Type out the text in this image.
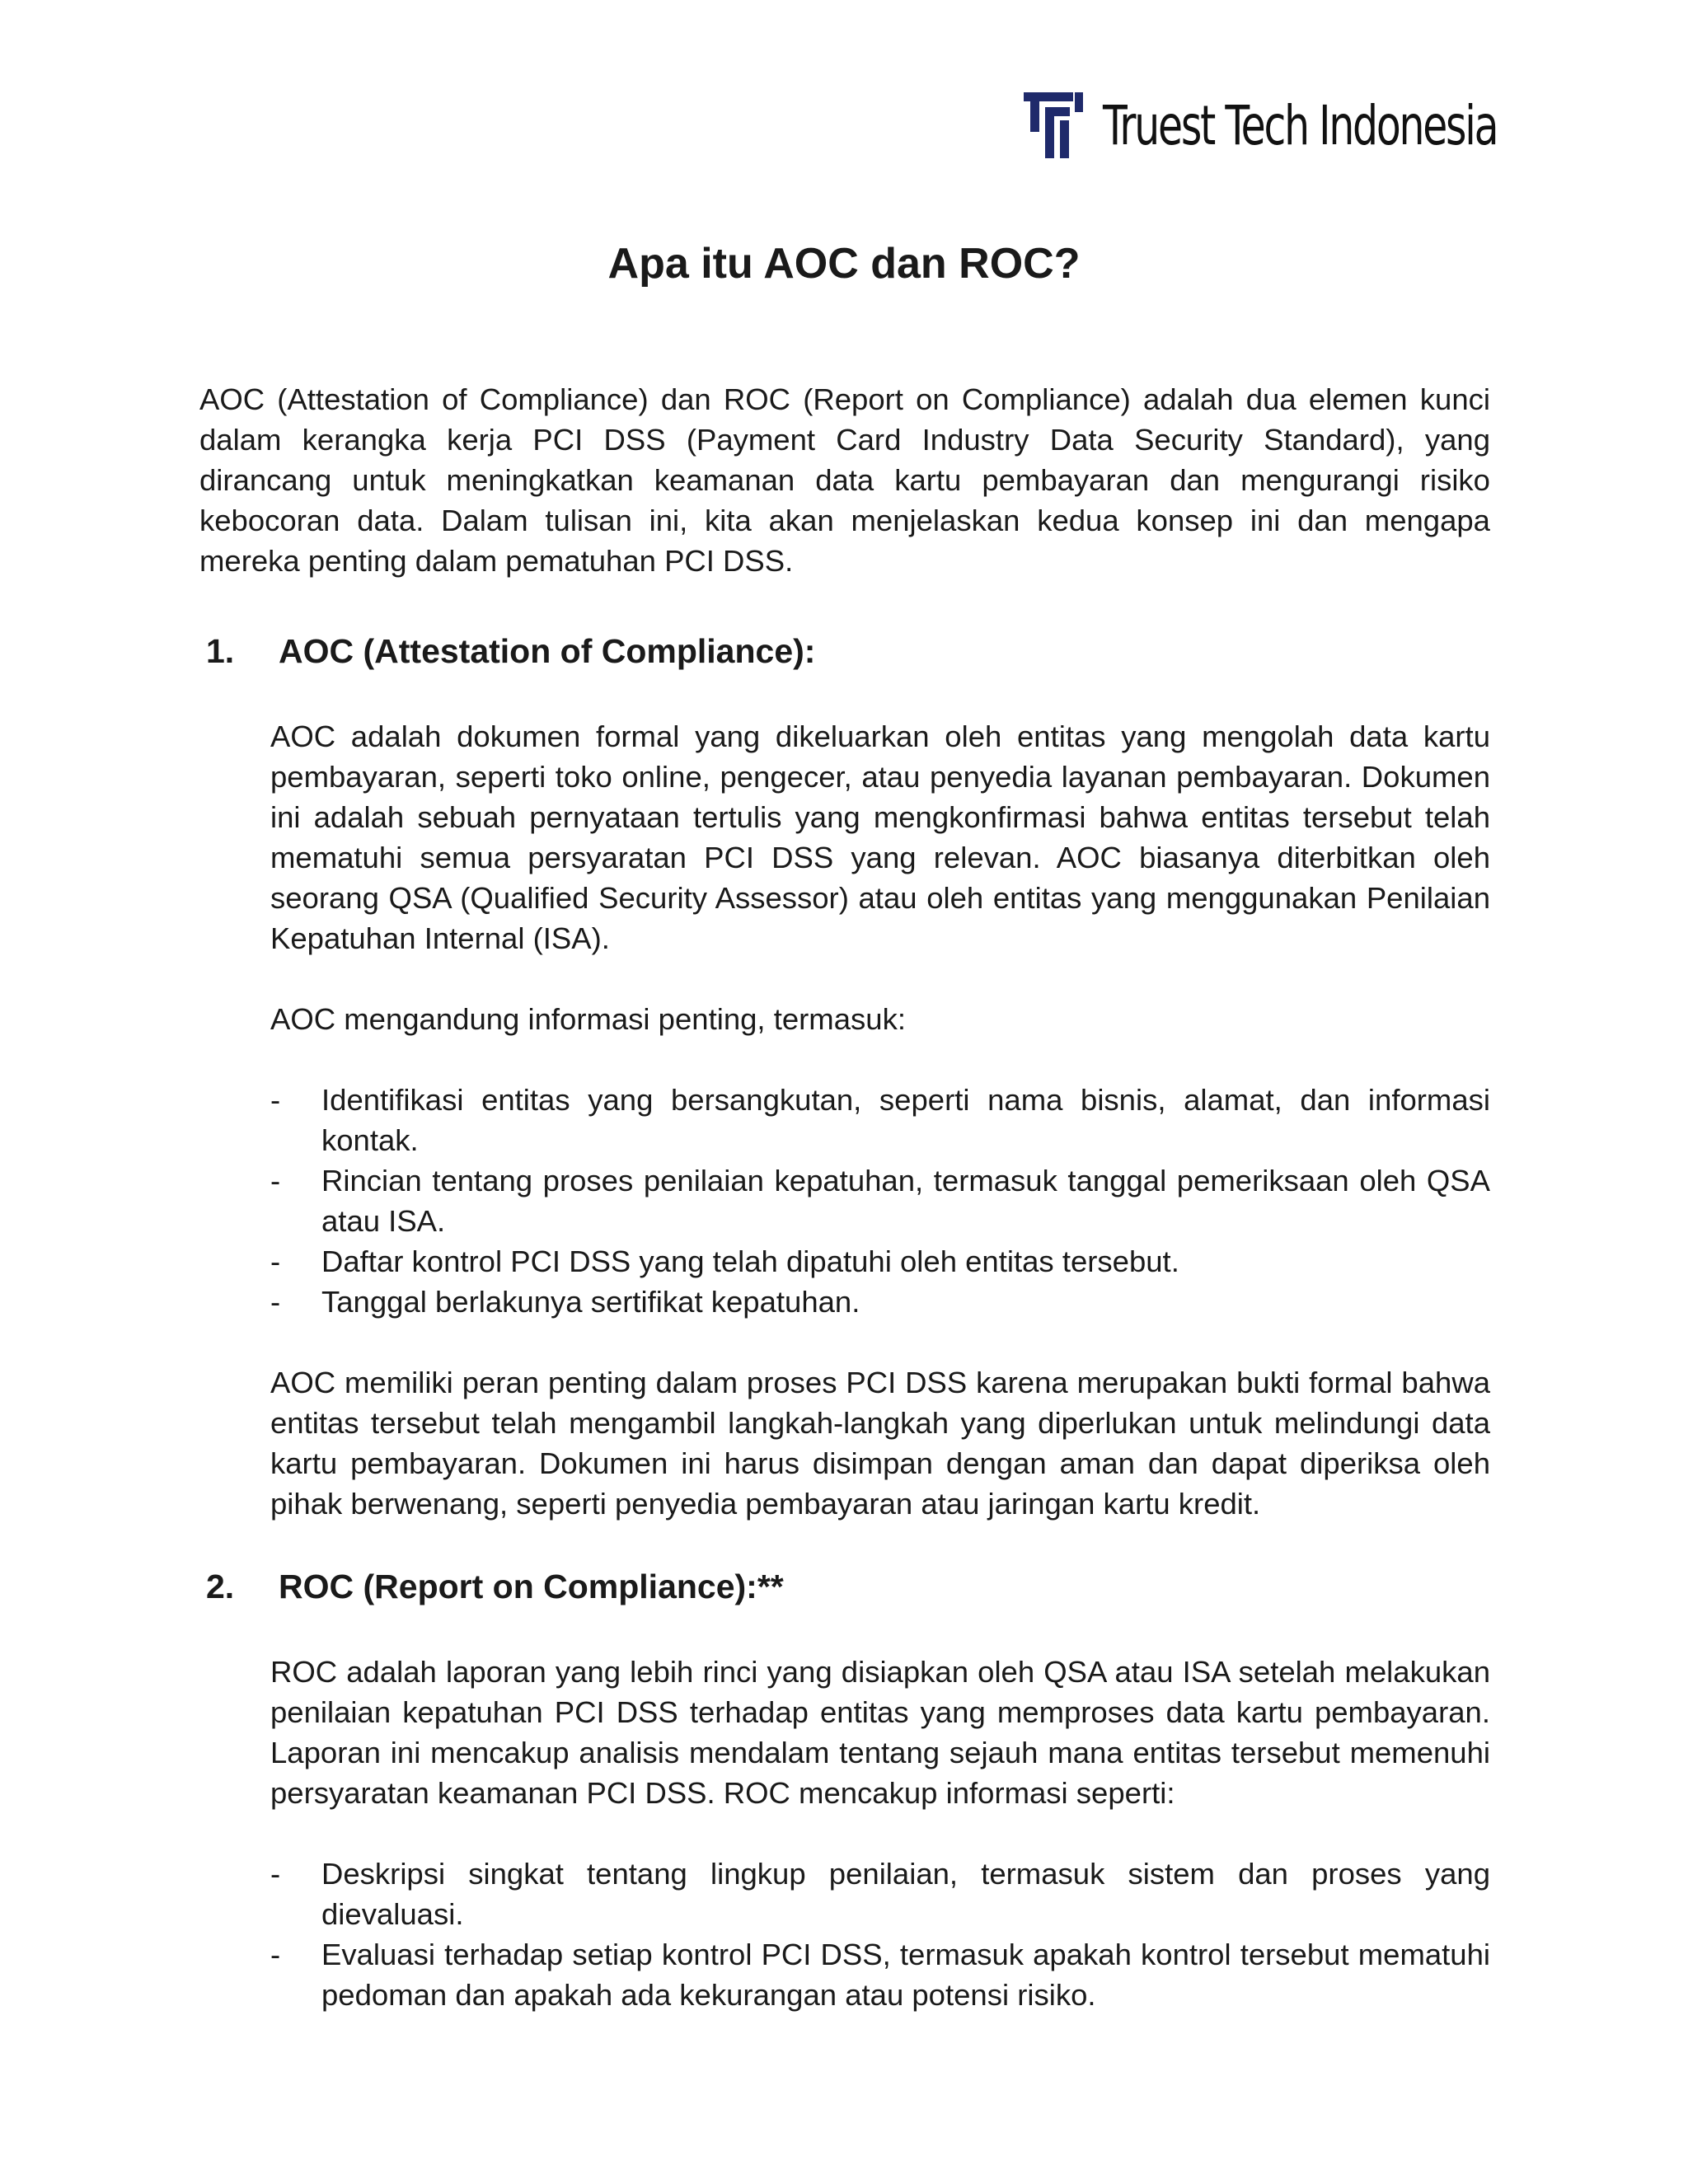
Truest Tech Indonesia
Apa itu AOC dan ROC?

AOC (Attestation of Compliance) dan ROC (Report on Compliance) adalah dua elemen kunci dalam kerangka kerja PCI DSS (Payment Card Industry Data Security Standard), yang dirancang untuk meningkatkan keamanan data kartu pembayaran dan mengurangi risiko kebocoran data. Dalam tulisan ini, kita akan menjelaskan kedua konsep ini dan mengapa mereka penting dalam pematuhan PCI DSS.

1.	AOC (Attestation of Compliance):

AOC adalah dokumen formal yang dikeluarkan oleh entitas yang mengolah data kartu pembayaran, seperti toko online, pengecer, atau penyedia layanan pembayaran. Dokumen ini adalah sebuah pernyataan tertulis yang mengkonfirmasi bahwa entitas tersebut telah mematuhi semua persyaratan PCI DSS yang relevan. AOC biasanya diterbitkan oleh seorang QSA (Qualified Security Assessor) atau oleh entitas yang menggunakan Penilaian Kepatuhan Internal (ISA).

AOC mengandung informasi penting, termasuk:

-	Identifikasi entitas yang bersangkutan, seperti nama bisnis, alamat, dan informasi kontak.
-	Rincian tentang proses penilaian kepatuhan, termasuk tanggal pemeriksaan oleh QSA atau ISA.
-	Daftar kontrol PCI DSS yang telah dipatuhi oleh entitas tersebut.
-	Tanggal berlakunya sertifikat kepatuhan.

AOC memiliki peran penting dalam proses PCI DSS karena merupakan bukti formal bahwa entitas tersebut telah mengambil langkah-langkah yang diperlukan untuk melindungi data kartu pembayaran. Dokumen ini harus disimpan dengan aman dan dapat diperiksa oleh pihak berwenang, seperti penyedia pembayaran atau jaringan kartu kredit.

2.	ROC (Report on Compliance):**

ROC adalah laporan yang lebih rinci yang disiapkan oleh QSA atau ISA setelah melakukan penilaian kepatuhan PCI DSS terhadap entitas yang memproses data kartu pembayaran. Laporan ini mencakup analisis mendalam tentang sejauh mana entitas tersebut memenuhi persyaratan keamanan PCI DSS. ROC mencakup informasi seperti:

-	Deskripsi singkat tentang lingkup penilaian, termasuk sistem dan proses yang dievaluasi.
-	Evaluasi terhadap setiap kontrol PCI DSS, termasuk apakah kontrol tersebut mematuhi pedoman dan apakah ada kekurangan atau potensi risiko.
